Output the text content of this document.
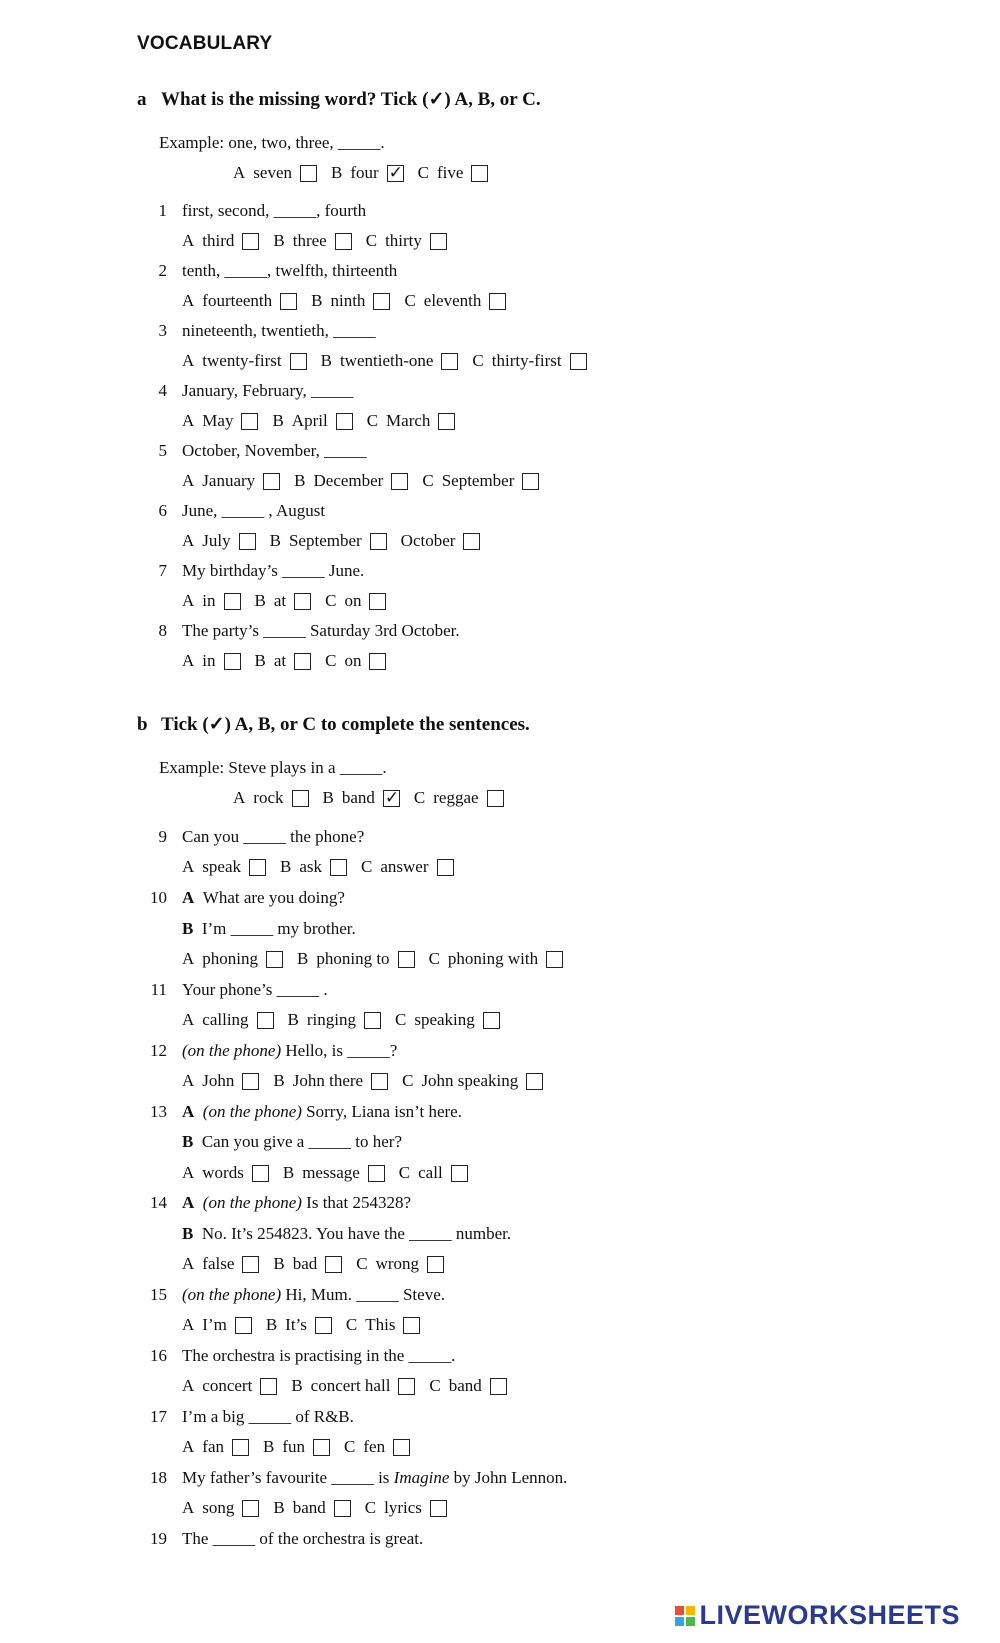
VOCABULARY
a What is the missing word? Tick (✓) A, B, or C.
Example: one, two, three, _____.
A seven B four ✓ C five
1 first, second, _____, fourth
A third B three C thirty
2 tenth, _____, twelfth, thirteenth
A fourteenth B ninth C eleventh
3 nineteenth, twentieth, _____
A twenty-first B twentieth-one C thirty-first
4 January, February, _____
A May B April C March
5 October, November, _____
A January B December C September
6 June, _____ , August
A July B September October
7 My birthday’s _____ June.
A in B at C on
8 The party’s _____ Saturday 3rd October.
A in B at C on
b Tick (✓) A, B, or C to complete the sentences.
Example: Steve plays in a _____.
A rock B band ✓ C reggae
9 Can you _____ the phone?
A speak B ask C answer
10 A What are you doing?
B I’m _____ my brother.
A phoning B phoning to C phoning with
11 Your phone’s _____ .
A calling B ringing C speaking
12 (on the phone) Hello, is _____?
A John B John there C John speaking
13 A (on the phone) Sorry, Liana isn’t here.
B Can you give a _____ to her?
A words B message C call
14 A (on the phone) Is that 254328?
B No. It’s 254823. You have the _____ number.
A false B bad C wrong
15 (on the phone) Hi, Mum. _____ Steve.
A I’m B It’s C This
16 The orchestra is practising in the _____.
A concert B concert hall C band
17 I’m a big _____ of R&B.
A fan B fun C fen
18 My father’s favourite _____ is Imagine by John Lennon.
A song B band C lyrics
19 The _____ of the orchestra is great.
LIVEWORKSHEETS
